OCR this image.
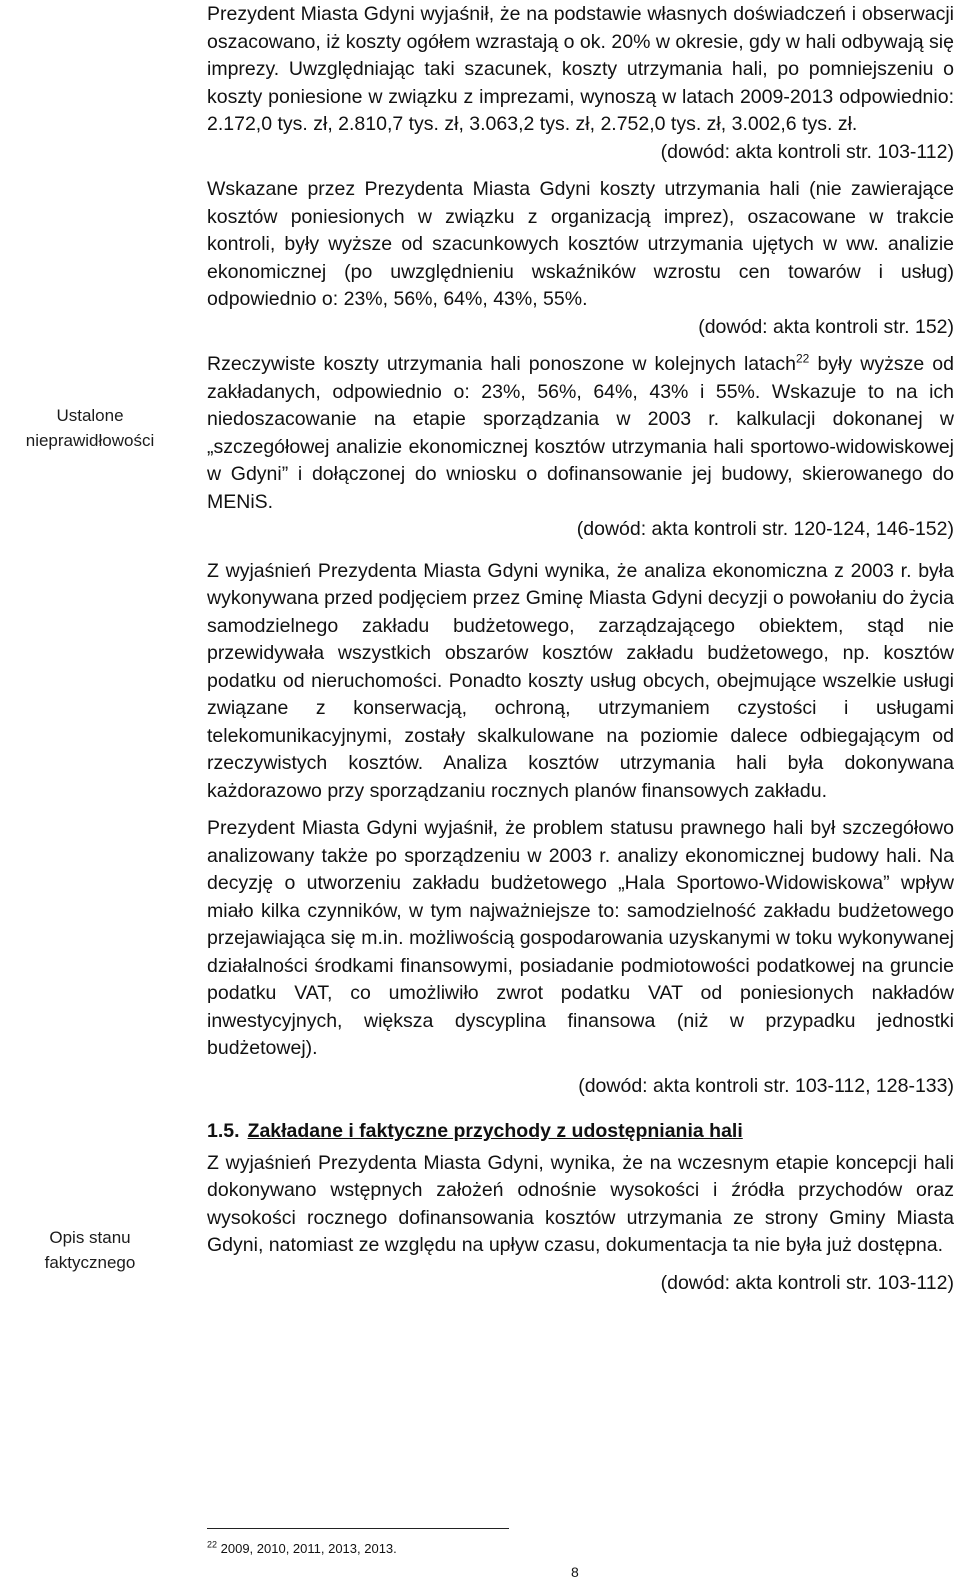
Ustalone
nieprawidłowości
Opis stanu
faktycznego

Prezydent Miasta Gdyni wyjaśnił, że na podstawie własnych doświadczeń i obserwacji oszacowano, iż koszty ogółem wzrastają o ok. 20% w okresie, gdy w hali odbywają się imprezy. Uwzględniając taki szacunek, koszty utrzymania hali, po pomniejszeniu o koszty poniesione w związku z imprezami, wynoszą w latach 2009-2013 odpowiednio: 2.172,0 tys. zł, 2.810,7 tys. zł, 3.063,2 tys. zł, 2.752,0 tys. zł, 3.002,6 tys. zł.

(dowód: akta kontroli str. 103-112)

Wskazane przez Prezydenta Miasta Gdyni koszty utrzymania hali (nie zawierające kosztów poniesionych w związku z organizacją imprez), oszacowane w trakcie kontroli, były wyższe od szacunkowych kosztów utrzymania ujętych w ww. analizie ekonomicznej (po uwzględnieniu wskaźników wzrostu cen towarów i usług) odpowiednio o: 23%, 56%, 64%, 43%, 55%.

(dowód: akta kontroli str. 152)

Rzeczywiste koszty utrzymania hali ponoszone w kolejnych latach$^{22}$ były wyższe od zakładanych, odpowiednio o: 23%, 56%, 64%, 43% i 55%. Wskazuje to na ich niedoszacowanie na etapie sporządzania w 2003 r. kalkulacji dokonanej w „szczegółowej analizie ekonomicznej kosztów utrzymania hali sportowo-widowiskowej w Gdyni” i dołączonej do wniosku o dofinansowanie jej budowy, skierowanego do MENiS.

(dowód: akta kontroli str. 120-124, 146-152)

Z wyjaśnień Prezydenta Miasta Gdyni wynika, że analiza ekonomiczna z 2003 r. była wykonywana przed podjęciem przez Gminę Miasta Gdyni decyzji o powołaniu do życia samodzielnego zakładu budżetowego, zarządzającego obiektem, stąd nie przewidywała wszystkich obszarów kosztów zakładu budżetowego, np. kosztów podatku od nieruchomości. Ponadto koszty usług obcych, obejmujące wszelkie usługi związane z konserwacją, ochroną, utrzymaniem czystości i usługami telekomunikacyjnymi, zostały skalkulowane na poziomie dalece odbiegającym od rzeczywistych kosztów. Analiza kosztów utrzymania hali była dokonywana każdorazowo przy sporządzaniu rocznych planów finansowych zakładu.

Prezydent Miasta Gdyni wyjaśnił, że problem statusu prawnego hali był szczegółowo analizowany także po sporządzeniu w 2003 r. analizy ekonomicznej budowy hali. Na decyzję o utworzeniu zakładu budżetowego „Hala Sportowo-Widowiskowa” wpływ miało kilka czynników, w tym najważniejsze to: samodzielność zakładu budżetowego przejawiająca się m.in. możliwością gospodarowania uzyskanymi w toku wykonywanej działalności środkami finansowymi, posiadanie podmiotowości podatkowej na gruncie podatku VAT, co umożliwiło zwrot podatku VAT od poniesionych nakładów inwestycyjnych, większa dyscyplina finansowa (niż w przypadku jednostki budżetowej).

(dowód: akta kontroli str. 103-112, 128-133)

1.5. Zakładane i faktyczne przychody z udostępniania hali

Z wyjaśnień Prezydenta Miasta Gdyni, wynika, że na wczesnym etapie koncepcji hali dokonywano wstępnych założeń odnośnie wysokości i źródła przychodów oraz wysokości rocznego dofinansowania kosztów utrzymania ze strony Gminy Miasta Gdyni, natomiast ze względu na upływ czasu, dokumentacja ta nie była już dostępna.

(dowód: akta kontroli str. 103-112)

$^{22}$ 2009, 2010, 2011, 2013, 2013.
8
